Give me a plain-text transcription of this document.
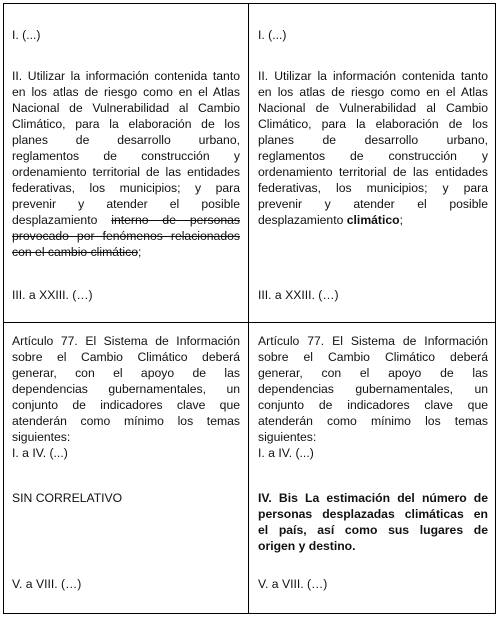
I. (...)

II. Utilizar la información contenida tanto
en los atlas de riesgo como en el Atlas
Nacional de Vulnerabilidad al Cambio
Climático, para la elaboración de los
planes de desarrollo urbano,
reglamentos de construcción y
ordenamiento territorial de las entidades
federativas, los municipios; y para
prevenir y atender el posible
desplazamiento interno de personas
provocado por fenómenos relacionados
con el cambio climático;

III. a XXIII. (…)

I. (...)

II. Utilizar la información contenida tanto
en los atlas de riesgo como en el Atlas
Nacional de Vulnerabilidad al Cambio
Climático, para la elaboración de los
planes de desarrollo urbano,
reglamentos de construcción y
ordenamiento territorial de las entidades
federativas, los municipios; y para
prevenir y atender el posible
desplazamiento climático;

III. a XXIII. (…)

Artículo 77. El Sistema de Información
sobre el Cambio Climático deberá
generar, con el apoyo de las
dependencias gubernamentales, un
conjunto de indicadores clave que
atenderán como mínimo los temas
siguientes:
I. a IV. (...)

SIN CORRELATIVO

V. a VIII. (…)

Artículo 77. El Sistema de Información
sobre el Cambio Climático deberá
generar, con el apoyo de las
dependencias gubernamentales, un
conjunto de indicadores clave que
atenderán como mínimo los temas
siguientes:
I. a IV. (...)

IV. Bis La estimación del número de
personas desplazadas climáticas en
el país, así como sus lugares de
origen y destino.

V. a VIII. (…)
